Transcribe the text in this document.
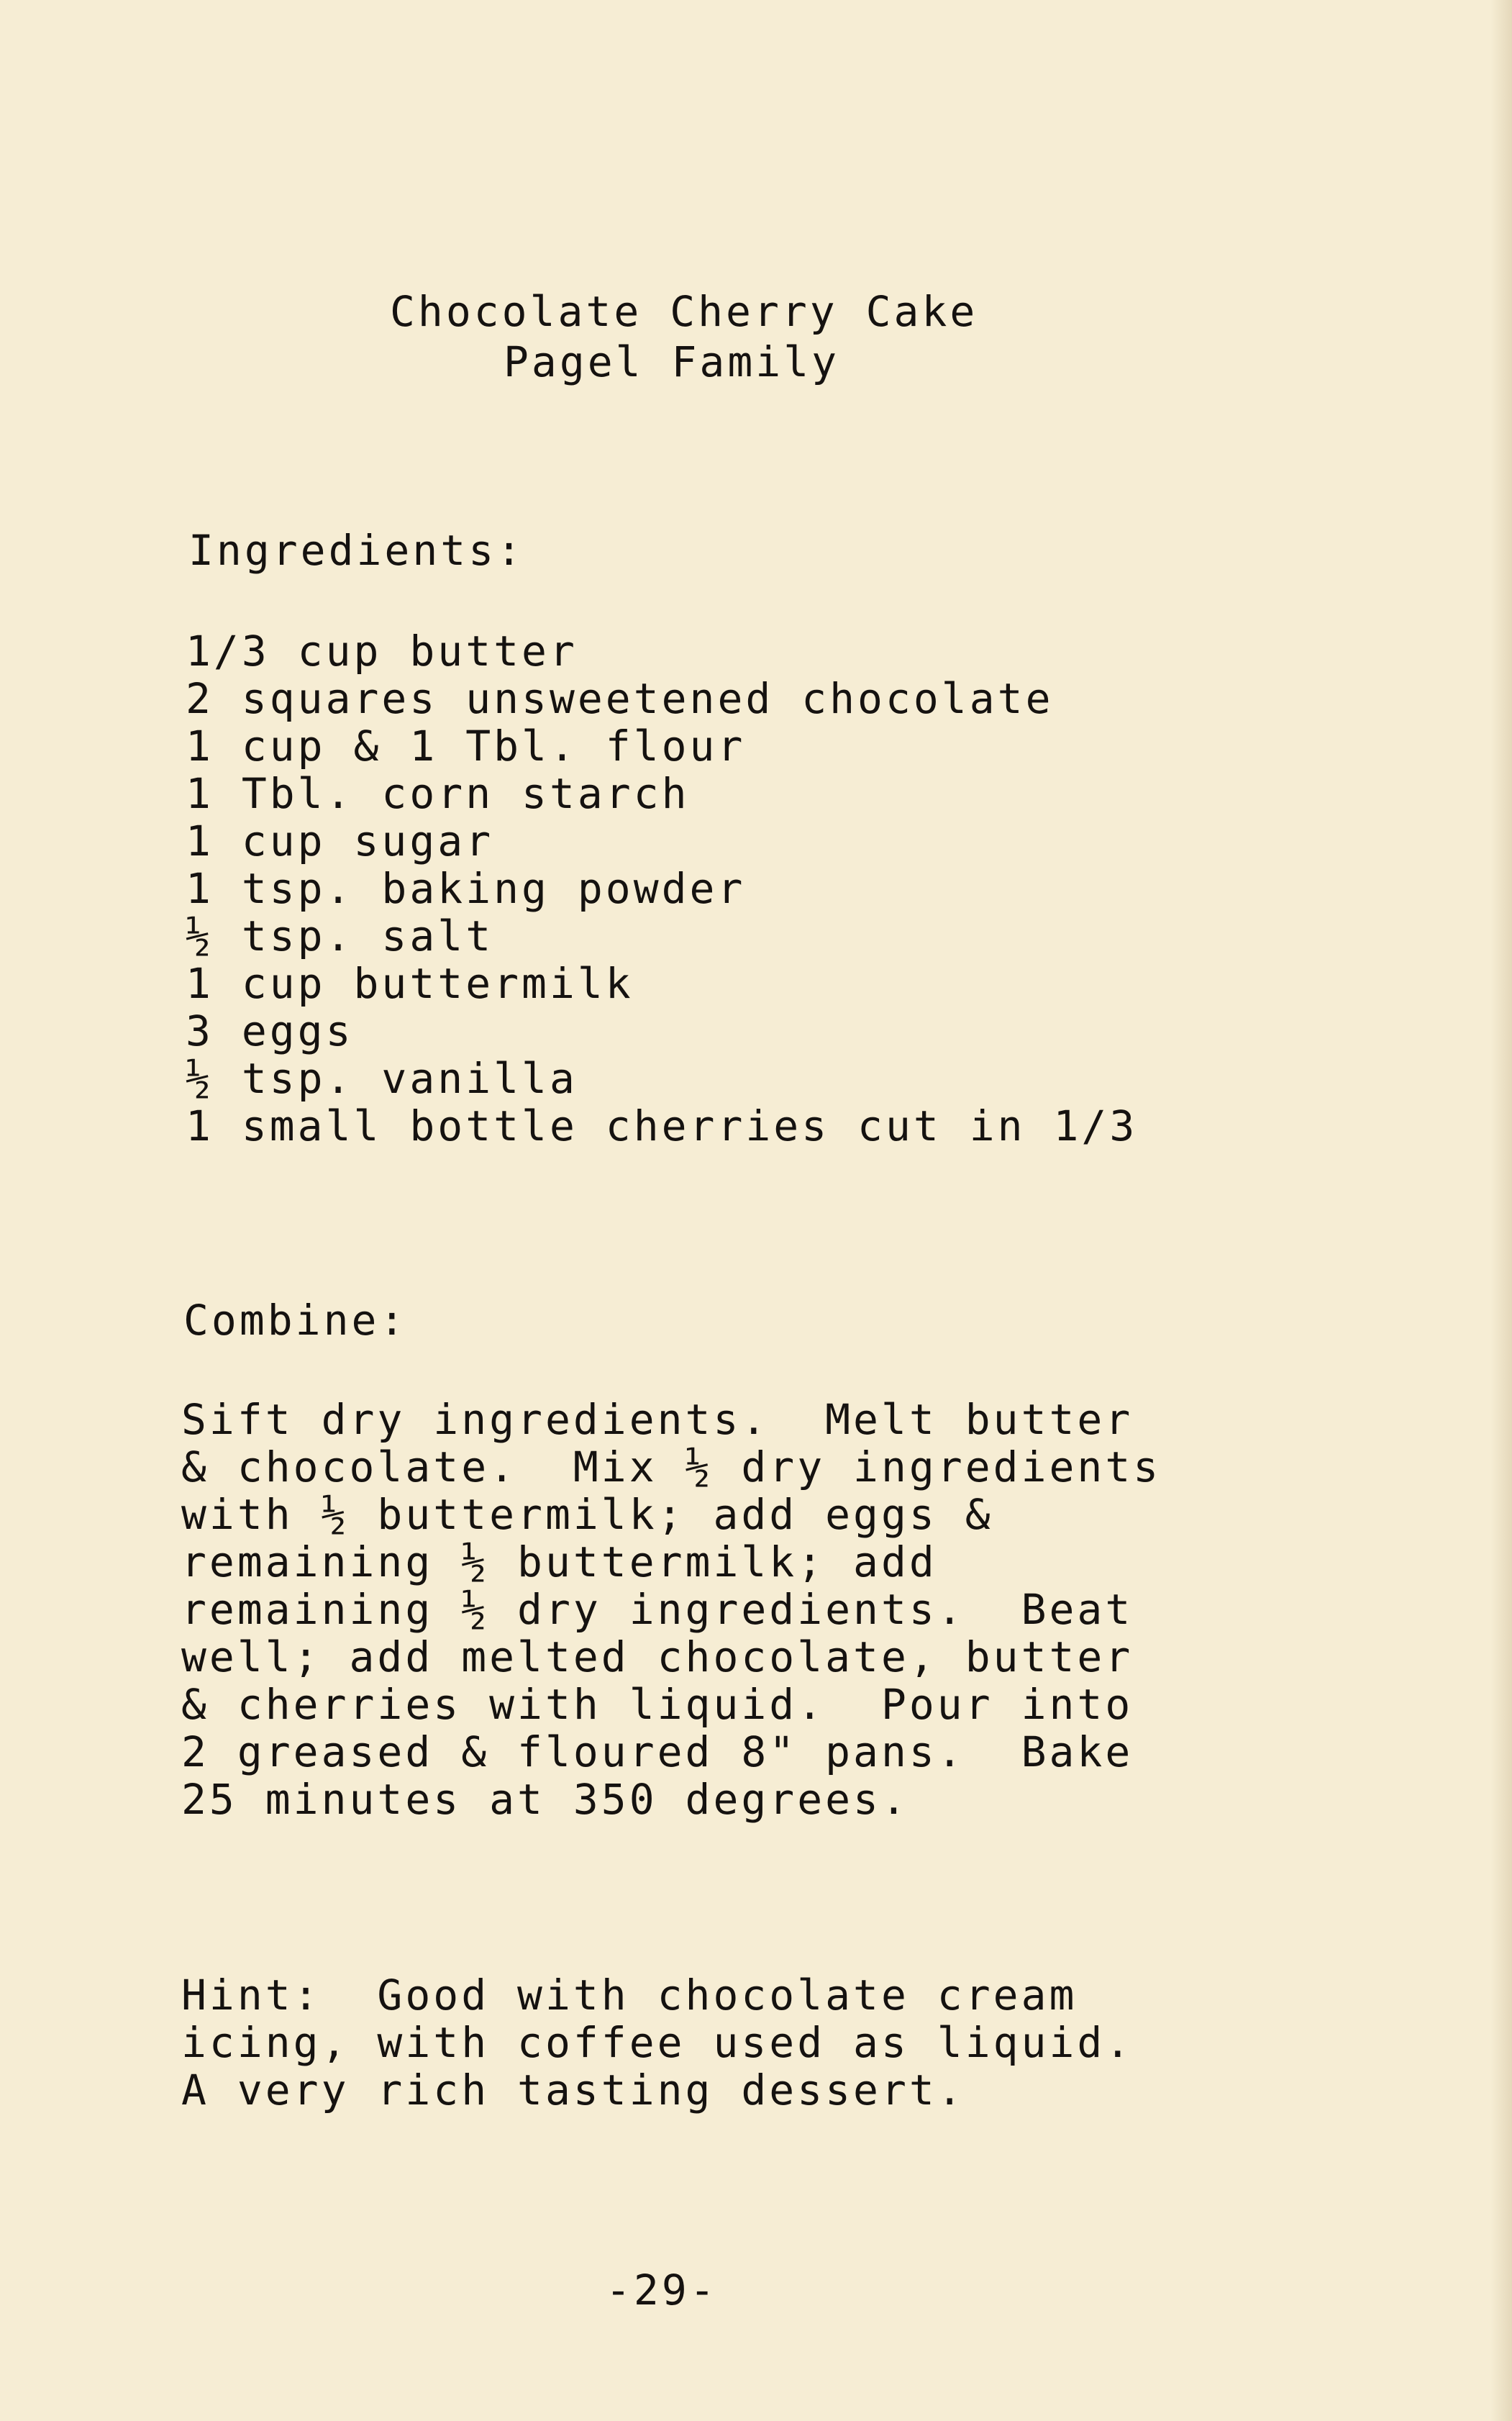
Chocolate Cherry Cake
Pagel Family
Ingredients:
1/3 cup butter
2 squares unsweetened chocolate
1 cup & 1 Tbl. flour
1 Tbl. corn starch
1 cup sugar
1 tsp. baking powder
½ tsp. salt
1 cup buttermilk
3 eggs
½ tsp. vanilla
1 small bottle cherries cut in 1/3
Combine:
Sift dry ingredients.  Melt butter
& chocolate.  Mix ½ dry ingredients
with ½ buttermilk; add eggs &
remaining ½ buttermilk; add
remaining ½ dry ingredients.  Beat
well; add melted chocolate, butter
& cherries with liquid.  Pour into
2 greased & floured 8" pans.  Bake
25 minutes at 350 degrees.
Hint:  Good with chocolate cream
icing, with coffee used as liquid.
A very rich tasting dessert.
-29-
